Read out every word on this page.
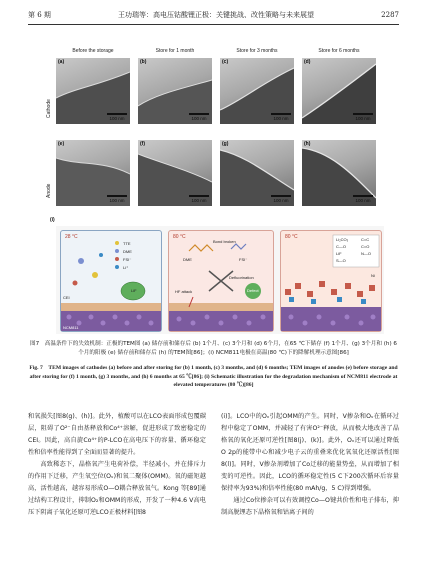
第 6 期	王功瑞等：高电压钴酸锂正极：关键挑战、改性策略与未来展望	2287
Before the storage	Store for 1 month	Store for 3 months	Store for 6 months
Cathode
Anode
(a)
100 nm
(b)
100 nm
(c)
100 nm
(d)
100 nm
(e)
100 nm
(f)
100 nm
(g)
100 nm
(h)
100 nm
(i)
28 °C
TTE
DME
FSI⁻
Li⁺
LiF
CEI
NCM811
80 °C
Bond broken
DME	FSI⁻
Defluorination
HF attack	Defect
80 °C	Li₂CO₃
C—O
LiF
S—O
C=C
C=O
N—O
Ni
图7　高温条件下的失效机制：正极的TEM图 (a) 储存前和储存后 (b) 1个月、(c) 3个月和 (d) 6个月，在65 ℃下储存 (f) 1个月、(g) 3个月和 (h) 6个月的阳极 (e) 储存前和储存后 (h) 的TEM图[86]；(i) NCM811电极在高温(80 ℃)下的降解机理示意图[86]
Fig. 7　TEM images of cathodes (a) before and after storing for (b) 1 month, (c) 3 months, and (d) 6 months; TEM images of anodes (e) before storage and after storing for (f) 1 month, (g) 3 months, and (h) 6 months at 65 ℃[86]; (i) Schematic illustration for the degradation mechanism of NCM811 electrode at elevated temperatures (80 ℃)[86]

和氧损失[图8(g)、(h)]。此外，植酸可以在LCO表面形成包覆碳层，阻碍了O²⁻自由基释放和Co⁴⁺溶解，促进形成了致密稳定的CEI。因此，高自旋Co⁴⁺的P-LCO在高电压下的容量、循环稳定性和倍率性能得到了全面而显著的提升。

高致稀态下，晶格氧产生电荷补偿，半径减小，并在排斥力的作用下迁移，产生氧空位(Oᵥ)和氧二聚体(OMM)。氧的磁矩越高，活性越高，越容易形成O—O耦合释放氧气。Kong 等[89]通过结构工程设计，抑制O₂和OMM的形成，开发了一种4.6 V高电压下阴离子氧化还原可逆LCO正极材料[图8

(i)]。LCO中的Oᵥ引起OMM的产生。同时，V掺杂和Oᵥ在循环过程中稳定了OMM，并减轻了有害O²⁻释放，从而极大地改善了晶格氧的氧化还原可逆性[图8(j)、(k)]。此外，Oᵥ还可以通过降低O 2p的能带中心和减少电子云的重叠来优化氧氧化还原活性[图8(l)]。同时，V掺杂剂增加了Co迁移的能量势垒，从而增加了相变的可逆性。因此，LCO的循环稳定性(5 C下200次循环后容量保持率为93%)和倍率性能(80 mAh/g，5 C)得到增强。

通过Co位掺杂可以有效调控Co—O键共价性和电子排布，抑制高脱锂态下晶格氧和钴离子间的
